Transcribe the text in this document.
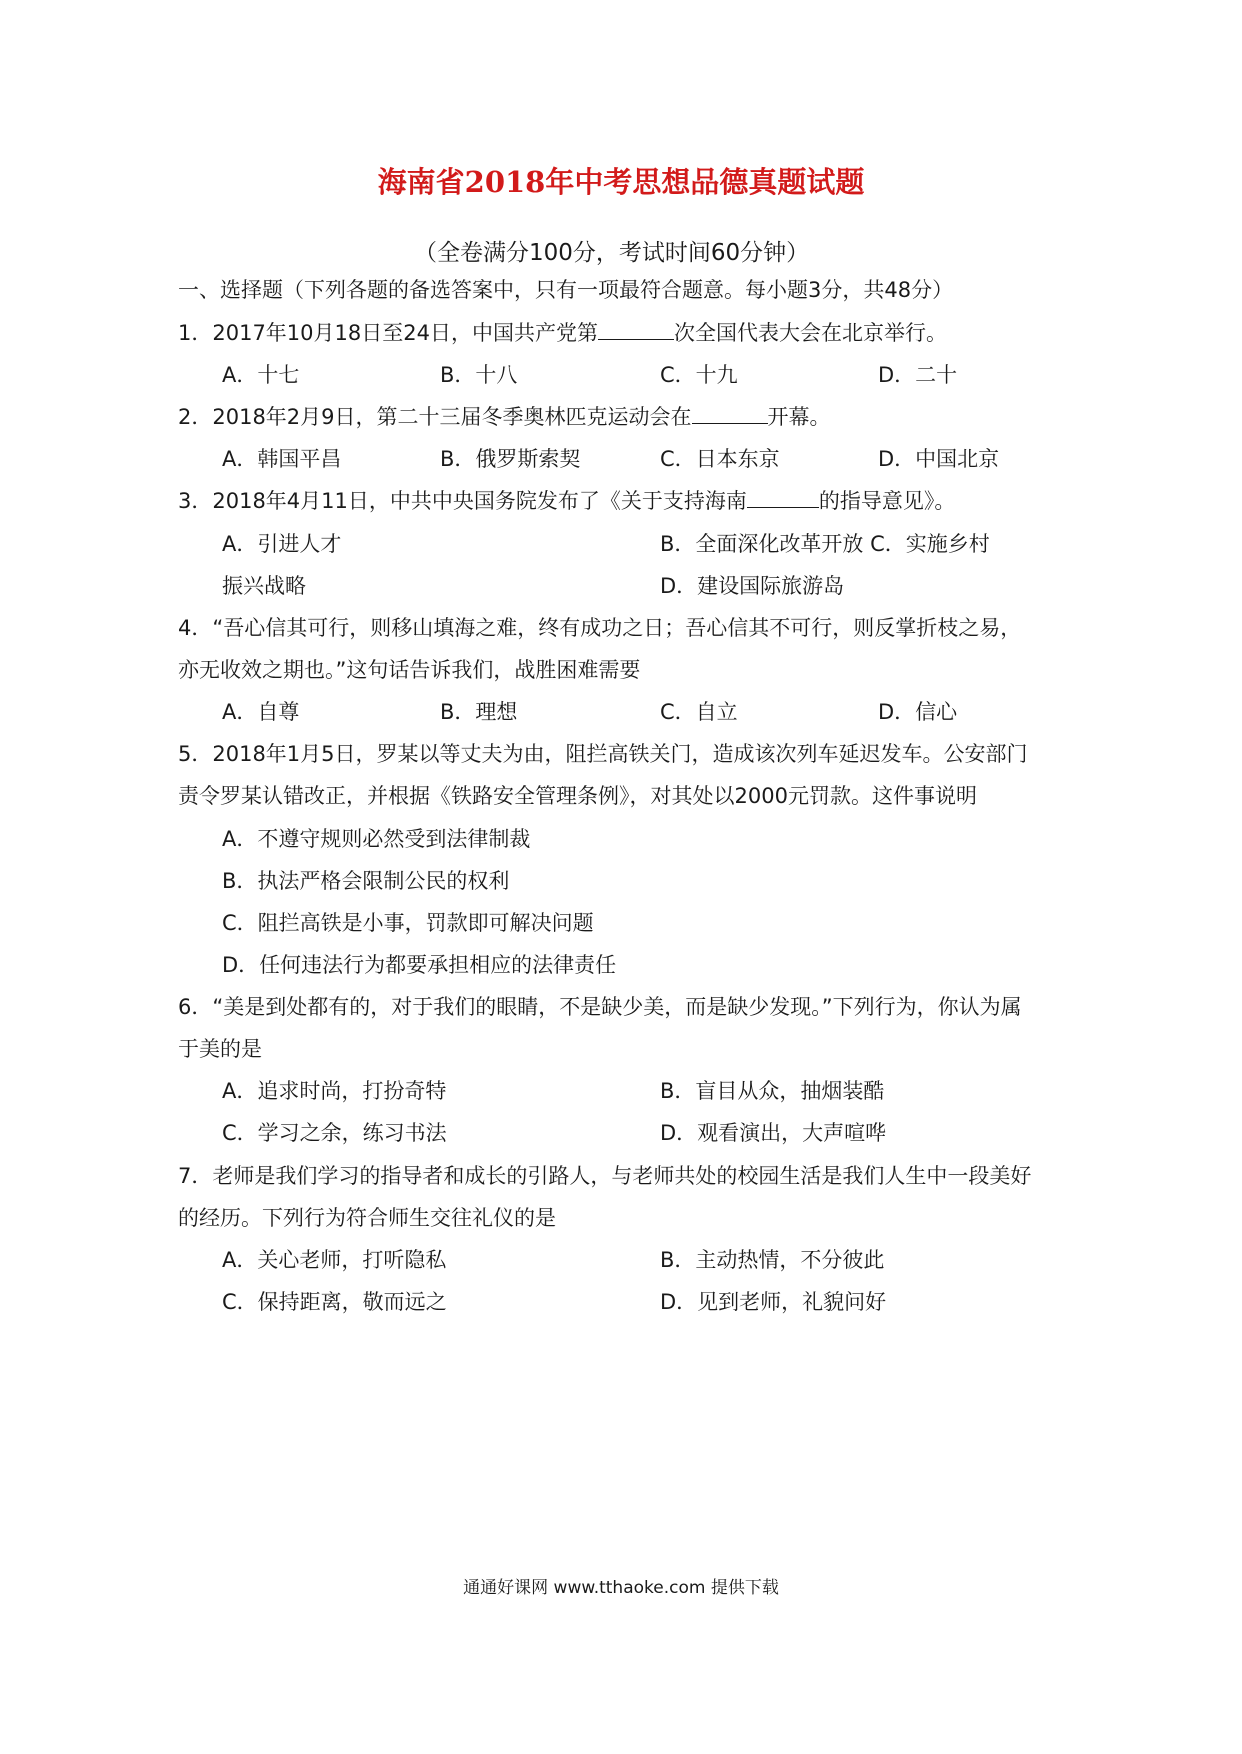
海南省2018年中考思想品德真题试题
（全卷满分100分，考试时间60分钟）
一、选择题（下列各题的备选答案中，只有一项最符合题意。每小题3分，共48分）
1．2017年10月18日至24日，中国共产党第	次全国代表大会在北京举行。
A．十七	B．十八	C．十九	D．二十
2．2018年2月9日，第二十三届冬季奥林匹克运动会在	开幕。
A．韩国平昌	B．俄罗斯索契	C．日本东京	D．中国北京
3．2018年4月11日，中共中央国务院发布了《关于支持海南	的指导意见》。
A．引进人才	B．全面深化改革开放 C．实施乡村
振兴战略	D．建设国际旅游岛
4．“吾心信其可行，则移山填海之难，终有成功之日；吾心信其不可行，则反掌折枝之易，
亦无收效之期也。”这句话告诉我们，战胜困难需要
A．自尊	B．理想	C．自立	D．信心
5．2018年1月5日，罗某以等丈夫为由，阻拦高铁关门，造成该次列车延迟发车。公安部门
责令罗某认错改正，并根据《铁路安全管理条例》，对其处以2000元罚款。这件事说明
A．不遵守规则必然受到法律制裁
B．执法严格会限制公民的权利
C．阻拦高铁是小事，罚款即可解决问题
D．任何违法行为都要承担相应的法律责任
6．“美是到处都有的，对于我们的眼睛，不是缺少美，而是缺少发现。”下列行为，你认为属
于美的是
A．追求时尚，打扮奇特	B．盲目从众，抽烟装酷
C．学习之余，练习书法	D．观看演出，大声喧哗
7．老师是我们学习的指导者和成长的引路人，与老师共处的校园生活是我们人生中一段美好
的经历。下列行为符合师生交往礼仪的是
A．关心老师，打听隐私	B．主动热情，不分彼此
C．保持距离，敬而远之	D．见到老师，礼貌问好
通通好课网 www.tthaoke.com 提供下载
